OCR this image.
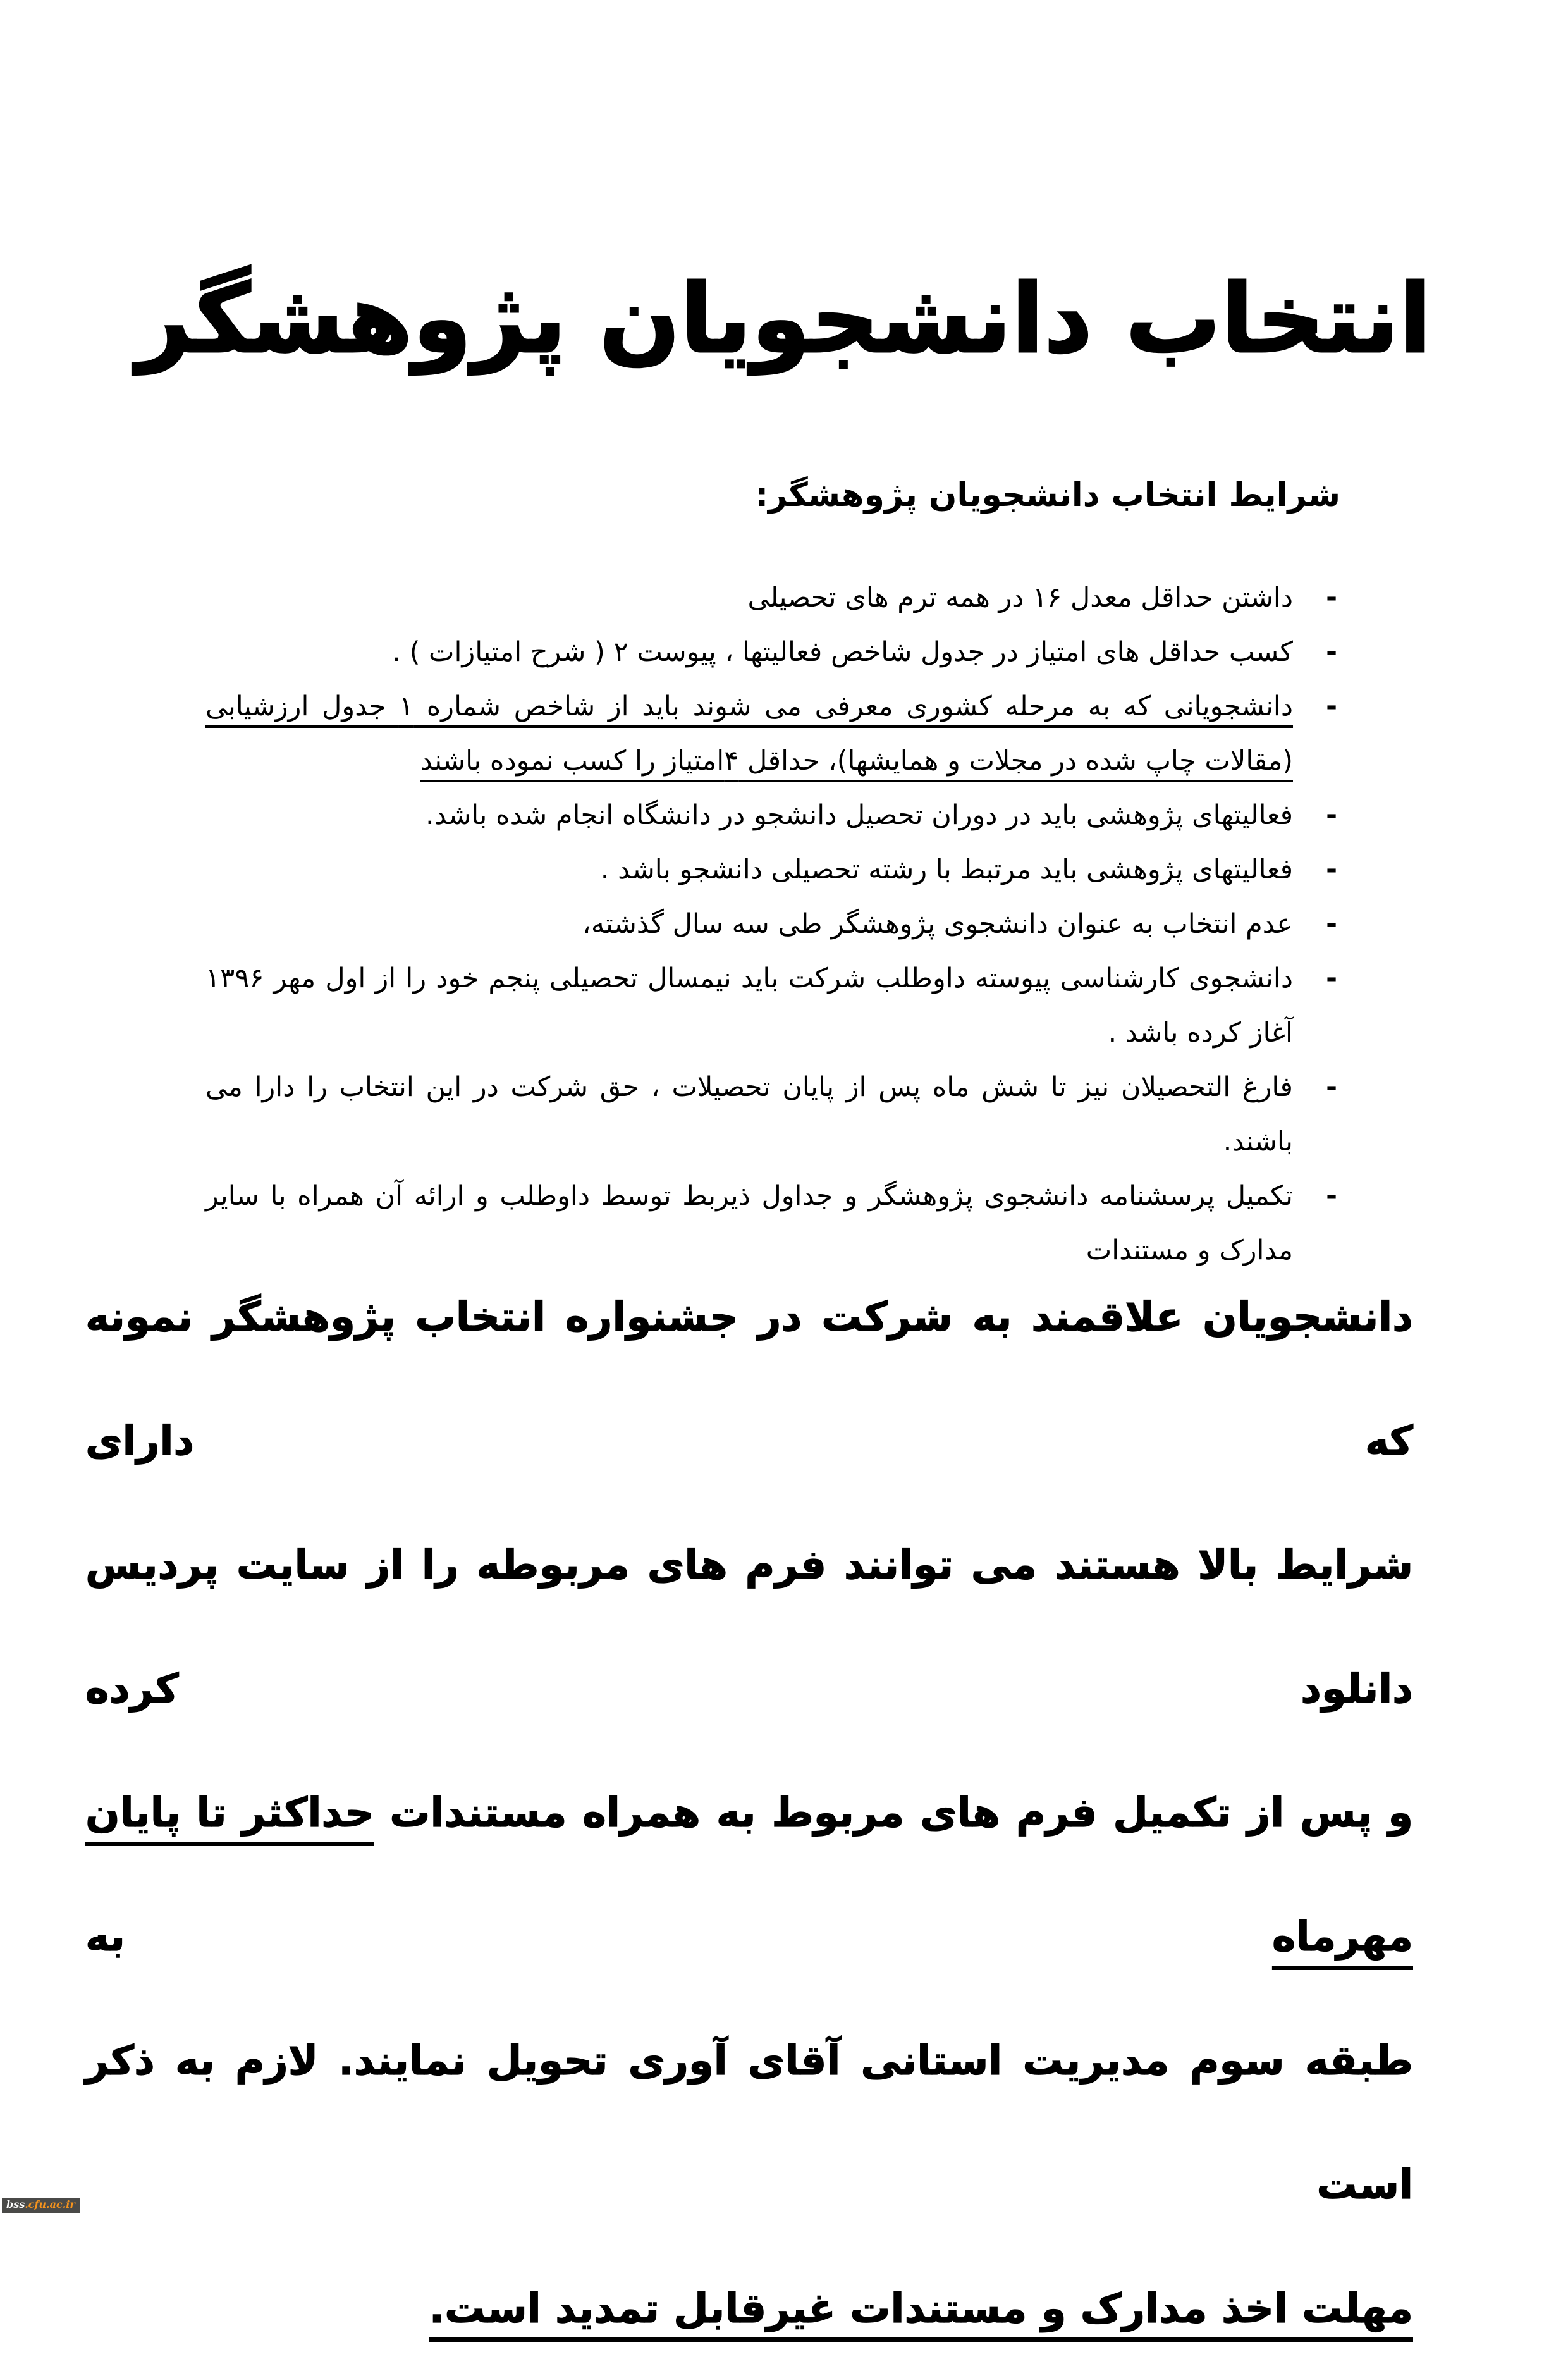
انتخاب دانشجویان پژوهشگر
شرایط انتخاب دانشجویان پژوهشگر:
-
داشتن حداقل معدل ۱۶ در همه ترم های تحصیلی
-
کسب حداقل های امتیاز در جدول شاخص فعالیتها ، پیوست ۲ ( شرح امتیازات ) .
-
دانشجویانی که به مرحله کشوری معرفی می شوند باید از شاخص شماره ۱ جدول ارزشیابی (مقالات چاپ شده در مجلات و همایشها)، حداقل ۴امتیاز را کسب نموده باشند
-
فعالیتهای پژوهشی باید در دوران تحصیل دانشجو در دانشگاه انجام شده باشد.
-
فعالیتهای پژوهشی باید مرتبط با رشته تحصیلی دانشجو باشد .
-
عدم انتخاب به عنوان دانشجوی پژوهشگر طی سه سال گذشته،
-
دانشجوی کارشناسی پیوسته داوطلب شرکت باید نیمسال تحصیلی پنجم خود را از اول مهر ۱۳۹۶ آغاز کرده باشد .
-
فارغ التحصیلان نیز تا شش ماه پس از پایان تحصیلات ، حق شرکت در این انتخاب را دارا می باشند.
-
تکمیل پرسشنامه دانشجوی پژوهشگر و جداول ذیربط توسط داوطلب و ارائه آن همراه با سایر مدارک و مستندات
دانشجویان علاقمند به شرکت در جشنواره انتخاب پژوهشگر نمونه که دارای
شرایط بالا هستند می توانند فرم های مربوطه را از سایت پردیس دانلود کرده
و پس از تکمیل فرم های مربوط به همراه مستندات حداکثر تا پایان مهرماه به
طبقه سوم مدیریت استانی آقای آوری تحویل نمایند. لازم به ذکر است
مهلت اخذ مدارک و مستندات غیرقابل تمدید است.
bss.cfu.ac.ir
